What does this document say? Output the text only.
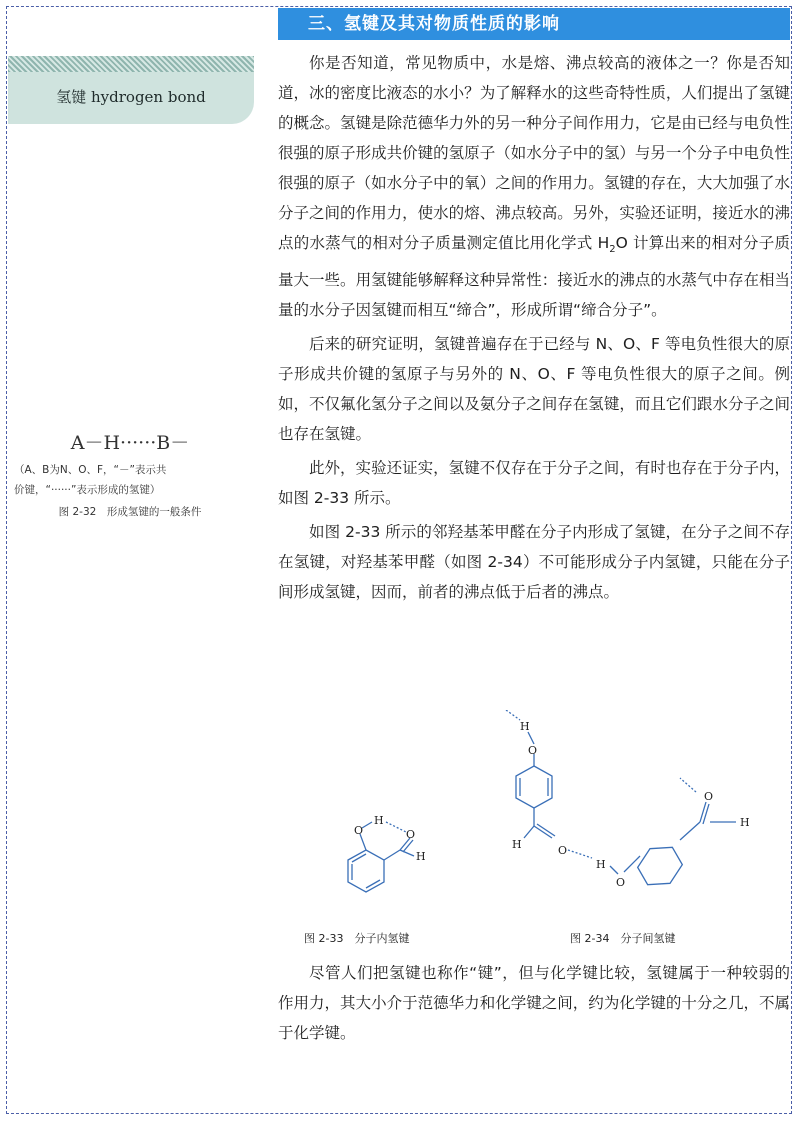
三、氢键及其对物质性质的影响
氢键 hydrogen bond
A－H······B－
（A、B为N、O、F，“－”表示共
价键，“······”表示形成的氢键）
图 2-32　形成氢键的一般条件

你是否知道，常见物质中，水是熔、沸点较高的液体之一？你是否知道，冰的密度比液态的水小？为了解释水的这些奇特性质，人们提出了氢键的概念。氢键是除范德华力外的另一种分子间作用力，它是由已经与电负性很强的原子形成共价键的氢原子（如水分子中的氢）与另一个分子中电负性很强的原子（如水分子中的氧）之间的作用力。氢键的存在，大大加强了水分子之间的作用力，使水的熔、沸点较高。另外，实验还证明，接近水的沸点的水蒸气的相对分子质量测定值比用化学式 $H_2O$ 计算出来的相对分子质量大一些。用氢键能够解释这种异常性：接近水的沸点的水蒸气中存在相当量的水分子因氢键而相互“缔合”，形成所谓“缔合分子”。

后来的研究证明，氢键普遍存在于已经与 N、O、F 等电负性很大的原子形成共价键的氢原子与另外的 N、O、F 等电负性很大的原子之间。例如，不仅氟化氢分子之间以及氨分子之间存在氢键，而且它们跟水分子之间也存在氢键。

此外，实验还证实，氢键不仅存在于分子之间，有时也存在于分子内，如图 2-33 所示。

如图 2-33 所示的邻羟基苯甲醛在分子内形成了氢键，在分子之间不存在氢键，对羟基苯甲醛（如图 2-34）不可能形成分子内氢键，只能在分子间形成氢键，因而，前者的沸点低于后者的沸点。

O
H
O
H
图 2-33　分子内氢键
H
O
H	O
H
O
O
H
图 2-34　分子间氢键

尽管人们把氢键也称作“键”，但与化学键比较，氢键属于一种较弱的作用力，其大小介于范德华力和化学键之间，约为化学键的十分之几，不属于化学键。
